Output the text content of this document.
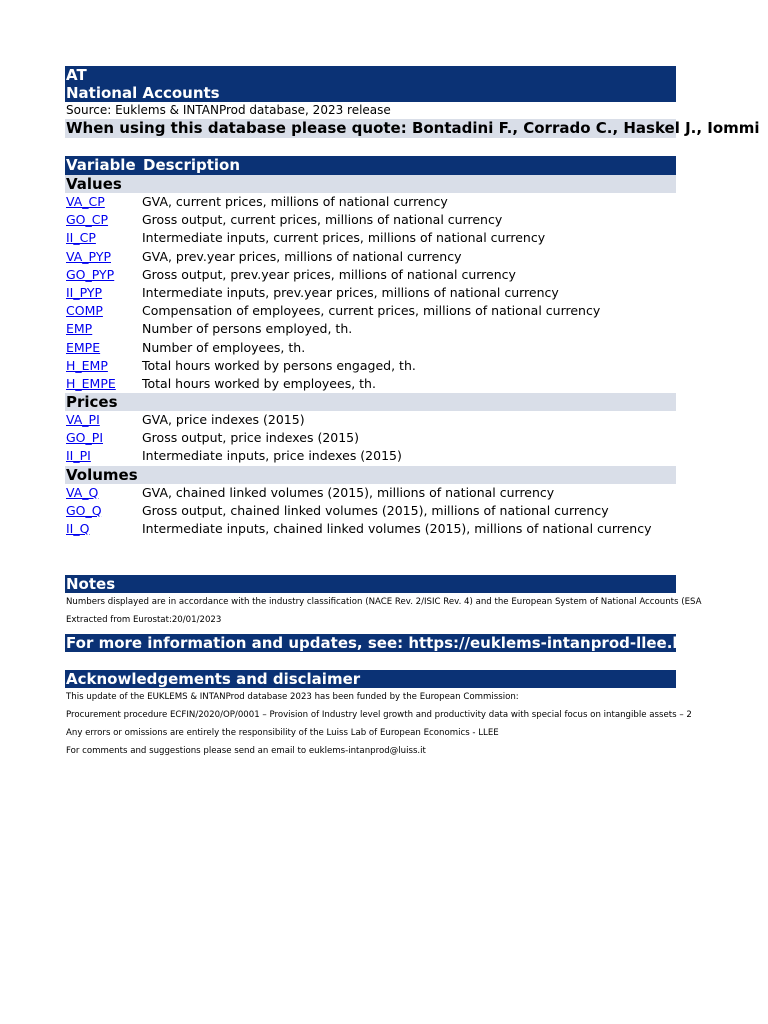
AT
National Accounts
Source: Euklems & INTANProd database, 2023 release
When using this database please quote: Bontadini F., Corrado C., Haskel J., Iommi
Variable Description
Values
VA_CP	GVA, current prices, millions of national currency
GO_CP	Gross output, current prices, millions of national currency
II_CP	Intermediate inputs, current prices, millions of national currency
VA_PYP	GVA, prev.year prices, millions of national currency
GO_PYP	Gross output, prev.year prices, millions of national currency
II_PYP	Intermediate inputs, prev.year prices, millions of national currency
COMP	Compensation of employees, current prices, millions of national currency
EMP	Number of persons employed, th.
EMPE	Number of employees, th.
H_EMP	Total hours worked by persons engaged, th.
H_EMPE	Total hours worked by employees, th.
Prices
VA_PI	GVA, price indexes (2015)
GO_PI	Gross output, price indexes (2015)
II_PI	Intermediate inputs, price indexes (2015)
Volumes
VA_Q	GVA, chained linked volumes (2015), millions of national currency
GO_Q	Gross output, chained linked volumes (2015), millions of national currency
II_Q	Intermediate inputs, chained linked volumes (2015), millions of national currency
Notes
Numbers displayed are in accordance with the industry classification (NACE Rev. 2/ISIC Rev. 4) and the European System of National Accounts (ESA
Extracted from Eurostat:20/01/2023
For more information and updates, see: https://euklems-intanprod-llee.luiss.it/
Acknowledgements and disclaimer
This update of the EUKLEMS & INTANProd database 2023 has been funded by the European Commission:
Procurement procedure ECFIN/2020/OP/0001 – Provision of Industry level growth and productivity data with special focus on intangible assets – 2
Any errors or omissions are entirely the responsibility of the Luiss Lab of European Economics - LLEE
For comments and suggestions please send an email to euklems-intanprod@luiss.it
